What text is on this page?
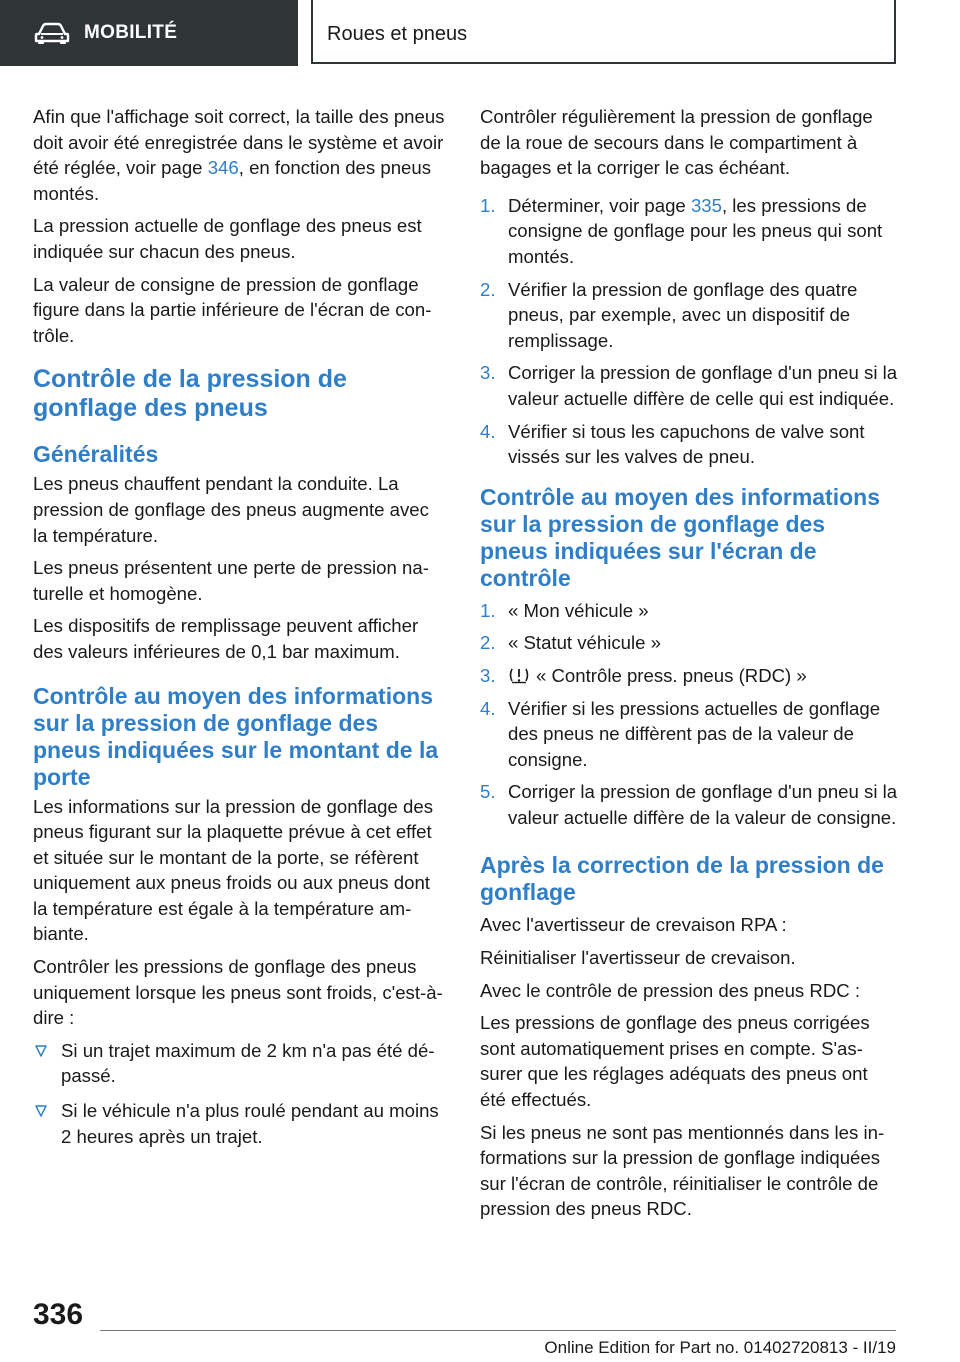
MOBILITÉ	Roues et pneus

Afin que l'affichage soit correct, la taille des pneus doit avoir été enregistrée dans le système et avoir été réglée, voir page 346, en fonction des pneus montés.

La pression actuelle de gonflage des pneus est indiquée sur chacun des pneus.

La valeur de consigne de pression de gonflage figure dans la partie inférieure de l'écran de contrôle.

Contrôle de la pression de gonflage des pneus
Généralités

Les pneus chauffent pendant la conduite. La pression de gonflage des pneus augmente avec la température.

Les pneus présentent une perte de pression naturelle et homogène.

Les dispositifs de remplissage peuvent afficher des valeurs inférieures de 0,1 bar maximum.

Contrôle au moyen des informations sur la pression de gonflage des pneus indiquées sur le montant de la porte

Les informations sur la pression de gonflage des pneus figurant sur la plaquette prévue à cet effet et située sur le montant de la porte, se réfèrent uniquement aux pneus froids ou aux pneus dont la température est égale à la température ambiante.

Contrôler les pressions de gonflage des pneus uniquement lorsque les pneus sont froids, c'est-à-dire :

Si un trajet maximum de 2 km n'a pas été dépassé.
Si le véhicule n'a plus roulé pendant au moins 2 heures après un trajet.

Contrôler régulièrement la pression de gonflage de la roue de secours dans le compartiment à bagages et la corriger le cas échéant.

1. Déterminer, voir page 335, les pressions de consigne de gonflage pour les pneus qui sont montés.
2. Vérifier la pression de gonflage des quatre pneus, par exemple, avec un dispositif de remplissage.
3. Corriger la pression de gonflage d'un pneu si la valeur actuelle diffère de celle qui est indiquée.
4. Vérifier si tous les capuchons de valve sont vissés sur les valves de pneu.
Contrôle au moyen des informations sur la pression de gonflage des pneus indiquées sur l'écran de contrôle
1. « Mon véhicule »
2. « Statut véhicule »
3. « Contrôle press. pneus (RDC) »
4. Vérifier si les pressions actuelles de gonflage des pneus ne diffèrent pas de la valeur de consigne.
5. Corriger la pression de gonflage d'un pneu si la valeur actuelle diffère de la valeur de consigne.
Après la correction de la pression de gonflage

Avec l'avertisseur de crevaison RPA :

Réinitialiser l'avertisseur de crevaison.

Avec le contrôle de pression des pneus RDC :

Les pressions de gonflage des pneus corrigées sont automatiquement prises en compte. S'assurer que les réglages adéquats des pneus ont été effectués.

Si les pneus ne sont pas mentionnés dans les informations sur la pression de gonflage indiquées sur l'écran de contrôle, réinitialiser le contrôle de pression des pneus RDC.

336
Online Edition for Part no. 01402720813 - II/19
